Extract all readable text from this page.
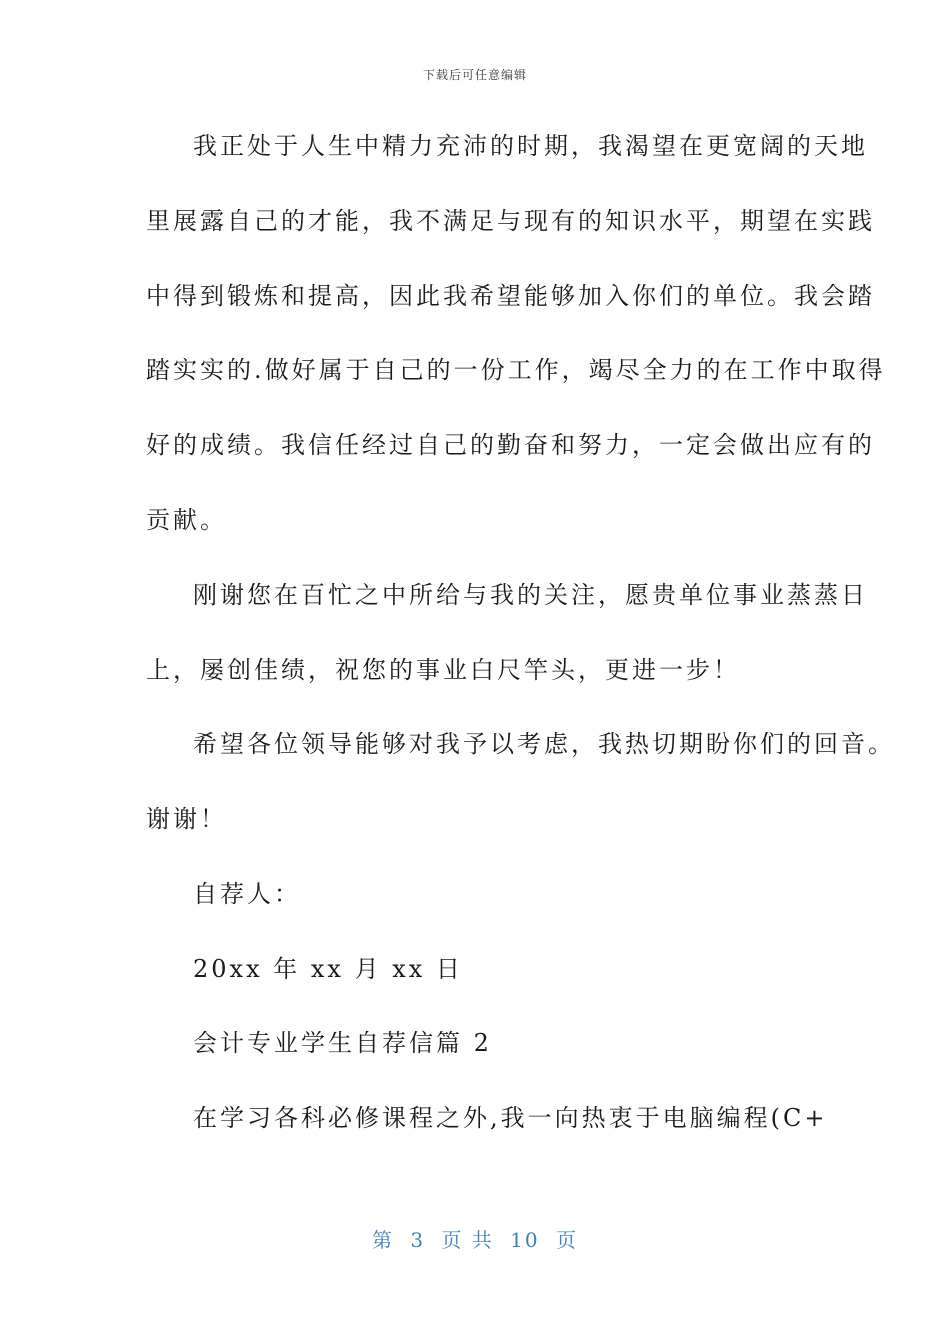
下载后可任意编辑
我正处于人生中精力充沛的时期，我渴望在更宽阔的天地
里展露自己的才能，我不满足与现有的知识水平，期望在实践
中得到锻炼和提高，因此我希望能够加入你们的单位。我会踏
踏实实的.做好属于自己的一份工作，竭尽全力的在工作中取得
好的成绩。我信任经过自己的勤奋和努力，一定会做出应有的
贡献。
刚谢您在百忙之中所给与我的关注，愿贵单位事业蒸蒸日
上，屡创佳绩，祝您的事业白尺竿头，更进一步！
希望各位领导能够对我予以考虑，我热切期盼你们的回音。
谢谢！
自荐人：
20xx 年 xx 月 xx 日
会计专业学生自荐信篇 2
在学习各科必修课程之外,我一向热衷于电脑编程(C+
第 3 页 共 10 页
